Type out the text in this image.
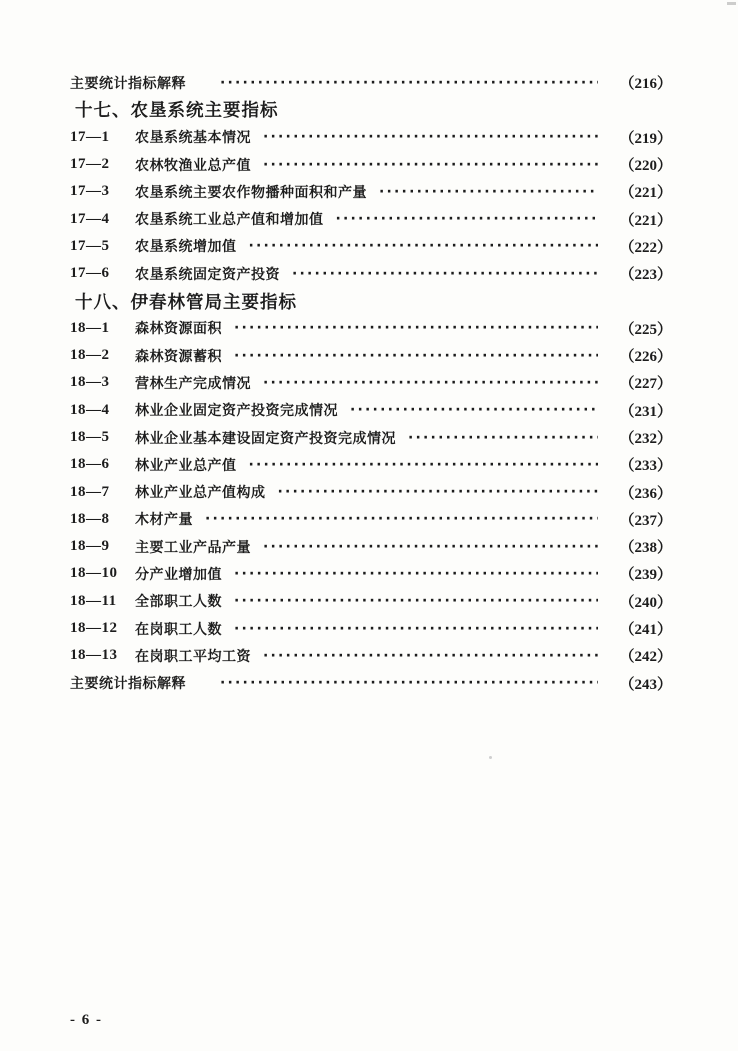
主要统计指标解释 ·····	（216）
十七、农垦系统主要指标
17—1	农垦系统基本情况 ·····	（219）
17—2	农林牧渔业总产值 ·····	（220）
17—3	农垦系统主要农作物播种面积和产量 ·····	（221）
17—4	农垦系统工业总产值和增加值 ·····	（221）
17—5	农垦系统增加值 ·····	（222）
17—6	农垦系统固定资产投资 ·····	（223）
十八、伊春林管局主要指标
18—1	森林资源面积 ·····	（225）
18—2	森林资源蓄积 ·····	（226）
18—3	营林生产完成情况 ·····	（227）
18—4	林业企业固定资产投资完成情况 ·····	（231）
18—5	林业企业基本建设固定资产投资完成情况 ·····	（232）
18—6	林业产业总产值 ·····	（233）
18—7	林业产业总产值构成 ·····	（236）
18—8	木材产量 ·····	（237）
18—9	主要工业产品产量 ·····	（238）
18—10	分产业增加值 ·····	（239）
18—11	全部职工人数 ·····	（240）
18—12	在岗职工人数 ·····	（241）
18—13	在岗职工平均工资 ·····	（242）
主要统计指标解释 ·····	（243）
- 6 -
